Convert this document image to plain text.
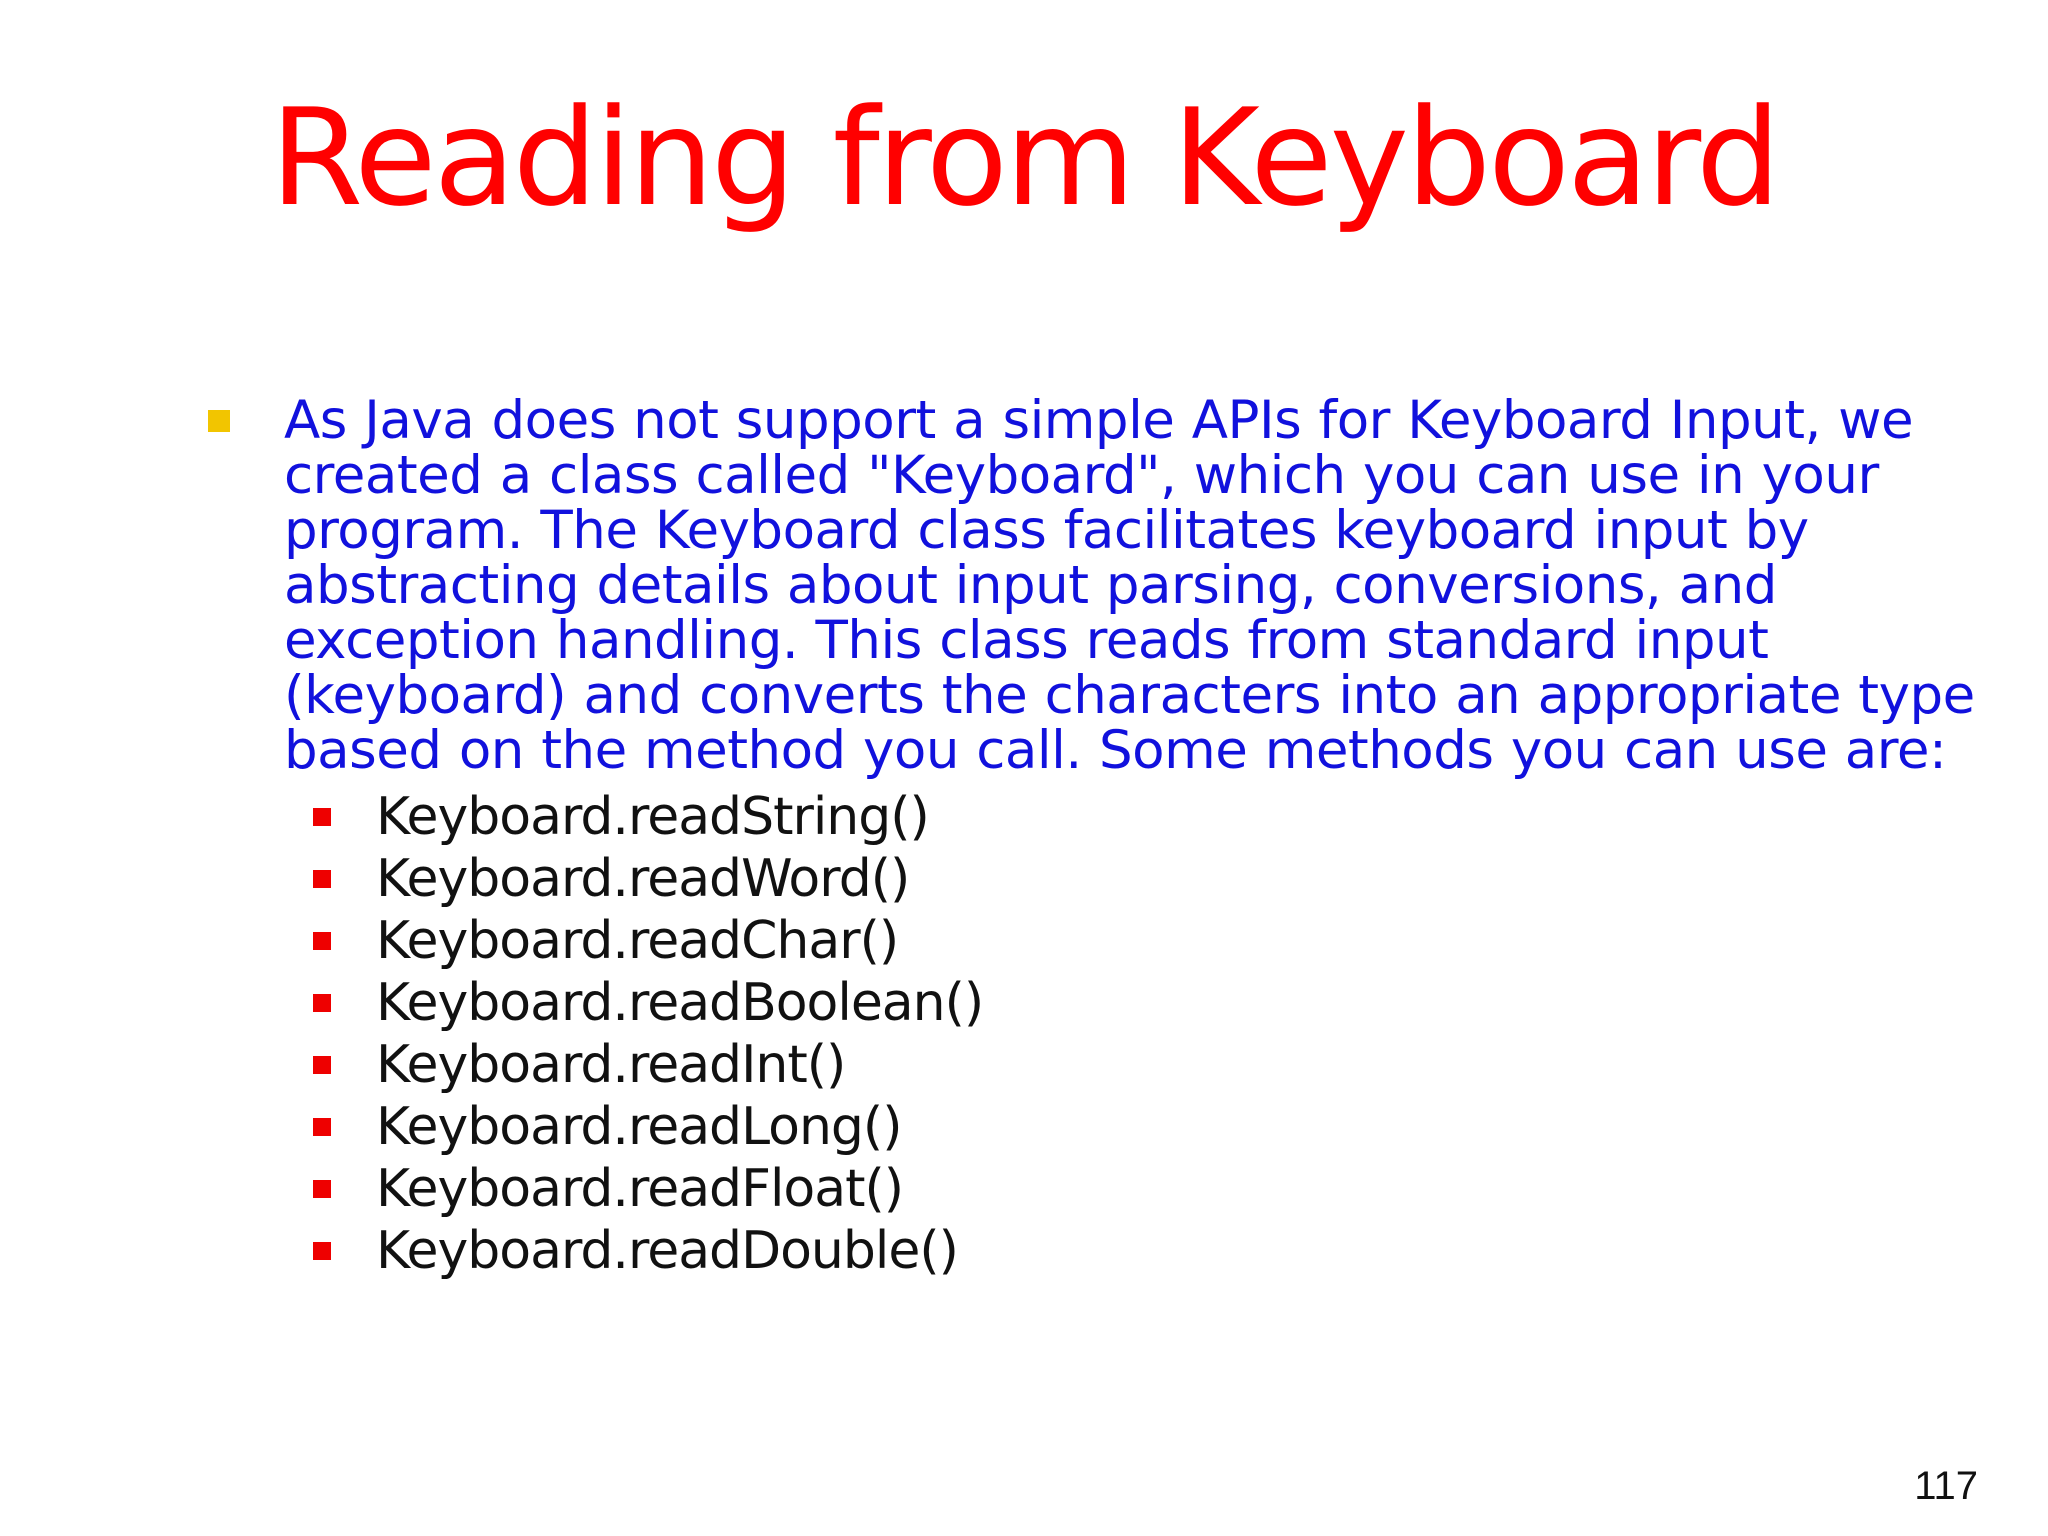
Reading from Keyboard
As Java does not support a simple APIs for Keyboard Input, we created a class called "Keyboard", which you can use in your program. The Keyboard class facilitates keyboard input by abstracting details about input parsing, conversions, and exception handling. This class reads from standard input (keyboard) and converts the characters into an appropriate type based on the method you call. Some methods you can use are:
Keyboard.readString()
Keyboard.readWord()
Keyboard.readChar()
Keyboard.readBoolean()
Keyboard.readInt()
Keyboard.readLong()
Keyboard.readFloat()
Keyboard.readDouble()
117
